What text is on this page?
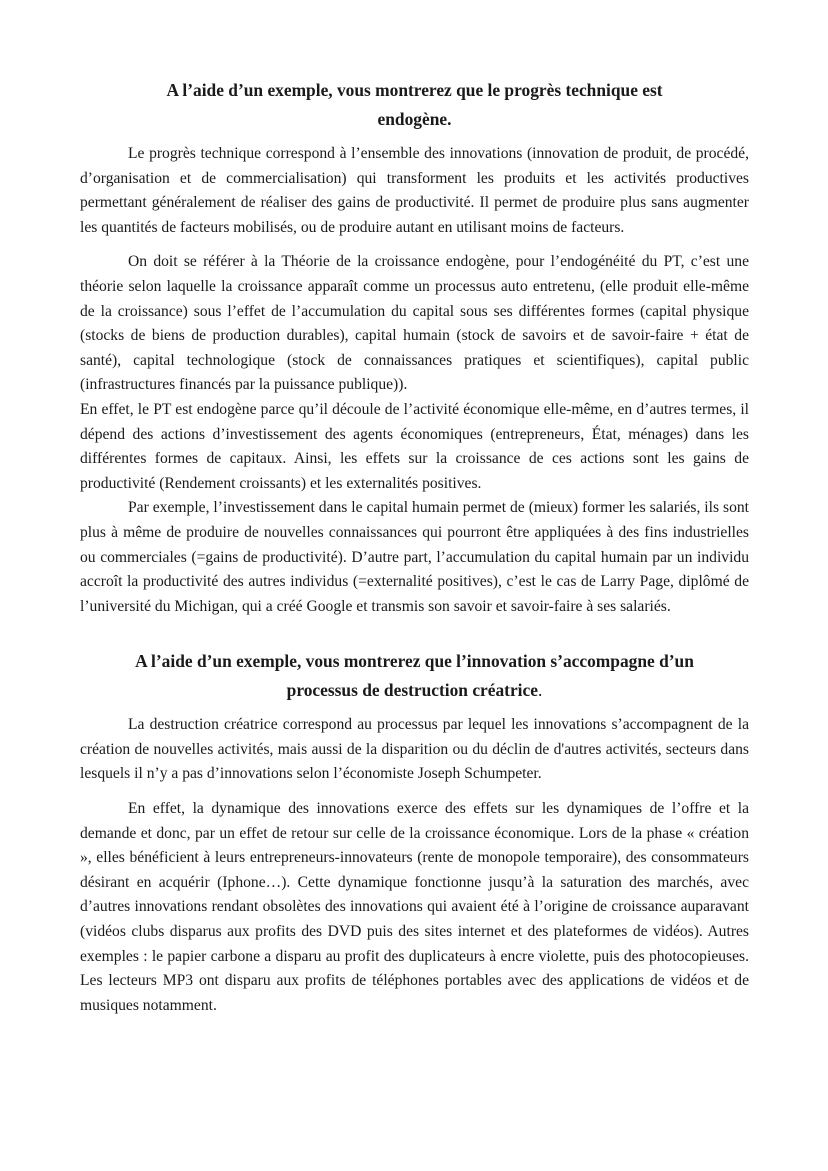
A l’aide d’un exemple, vous montrerez que le progrès technique est endogène.

Le progrès technique correspond à l’ensemble des innovations (innovation de produit, de procédé, d’organisation et de commercialisation) qui transforment les produits et les activités productives permettant généralement de réaliser des gains de productivité. Il permet de produire plus sans augmenter les quantités de facteurs mobilisés, ou de produire autant en utilisant moins de facteurs.

On doit se référer à la Théorie de la croissance endogène, pour l’endogénéité du PT, c’est une théorie selon laquelle la croissance apparaît comme un processus auto entretenu, (elle produit elle-même de la croissance) sous l’effet de l’accumulation du capital sous ses différentes formes (capital physique (stocks de biens de production durables), capital humain (stock de savoirs et de savoir-faire + état de santé), capital technologique (stock de connaissances pratiques et scientifiques), capital public (infrastructures financés par la puissance publique)).

En effet, le PT est endogène parce qu’il découle de l’activité économique elle-même, en d’autres termes, il dépend des actions d’investissement des agents économiques (entrepreneurs, État, ménages) dans les différentes formes de capitaux. Ainsi, les effets sur la croissance de ces actions sont les gains de productivité (Rendement croissants) et les externalités positives.

Par exemple, l’investissement dans le capital humain permet de (mieux) former les salariés, ils sont plus à même de produire de nouvelles connaissances qui pourront être appliquées à des fins industrielles ou commerciales (=gains de productivité). D’autre part, l’accumulation du capital humain par un individu accroît la productivité des autres individus (=externalité positives), c’est le cas de Larry Page, diplômé de l’université du Michigan, qui a créé Google et transmis son savoir et savoir-faire à ses salariés.

A l’aide d’un exemple, vous montrerez que l’innovation s’accompagne d’un processus de destruction créatrice.

La destruction créatrice correspond au processus par lequel les innovations s’accompagnent de la création de nouvelles activités, mais aussi de la disparition ou du déclin de d'autres activités, secteurs dans lesquels il n’y a pas d’innovations selon l’économiste Joseph Schumpeter.

En effet, la dynamique des innovations exerce des effets sur les dynamiques de l’offre et la demande et donc, par un effet de retour sur celle de la croissance économique. Lors de la phase « création », elles bénéficient à leurs entrepreneurs-innovateurs (rente de monopole temporaire), des consommateurs désirant en acquérir (Iphone…). Cette dynamique fonctionne jusqu’à la saturation des marchés, avec d’autres innovations rendant obsolètes des innovations qui avaient été à l’origine de croissance auparavant (vidéos clubs disparus aux profits des DVD puis des sites internet et des plateformes de vidéos). Autres exemples : le papier carbone a disparu au profit des duplicateurs à encre violette, puis des photocopieuses. Les lecteurs MP3 ont disparu aux profits de téléphones portables avec des applications de vidéos et de musiques notamment.
